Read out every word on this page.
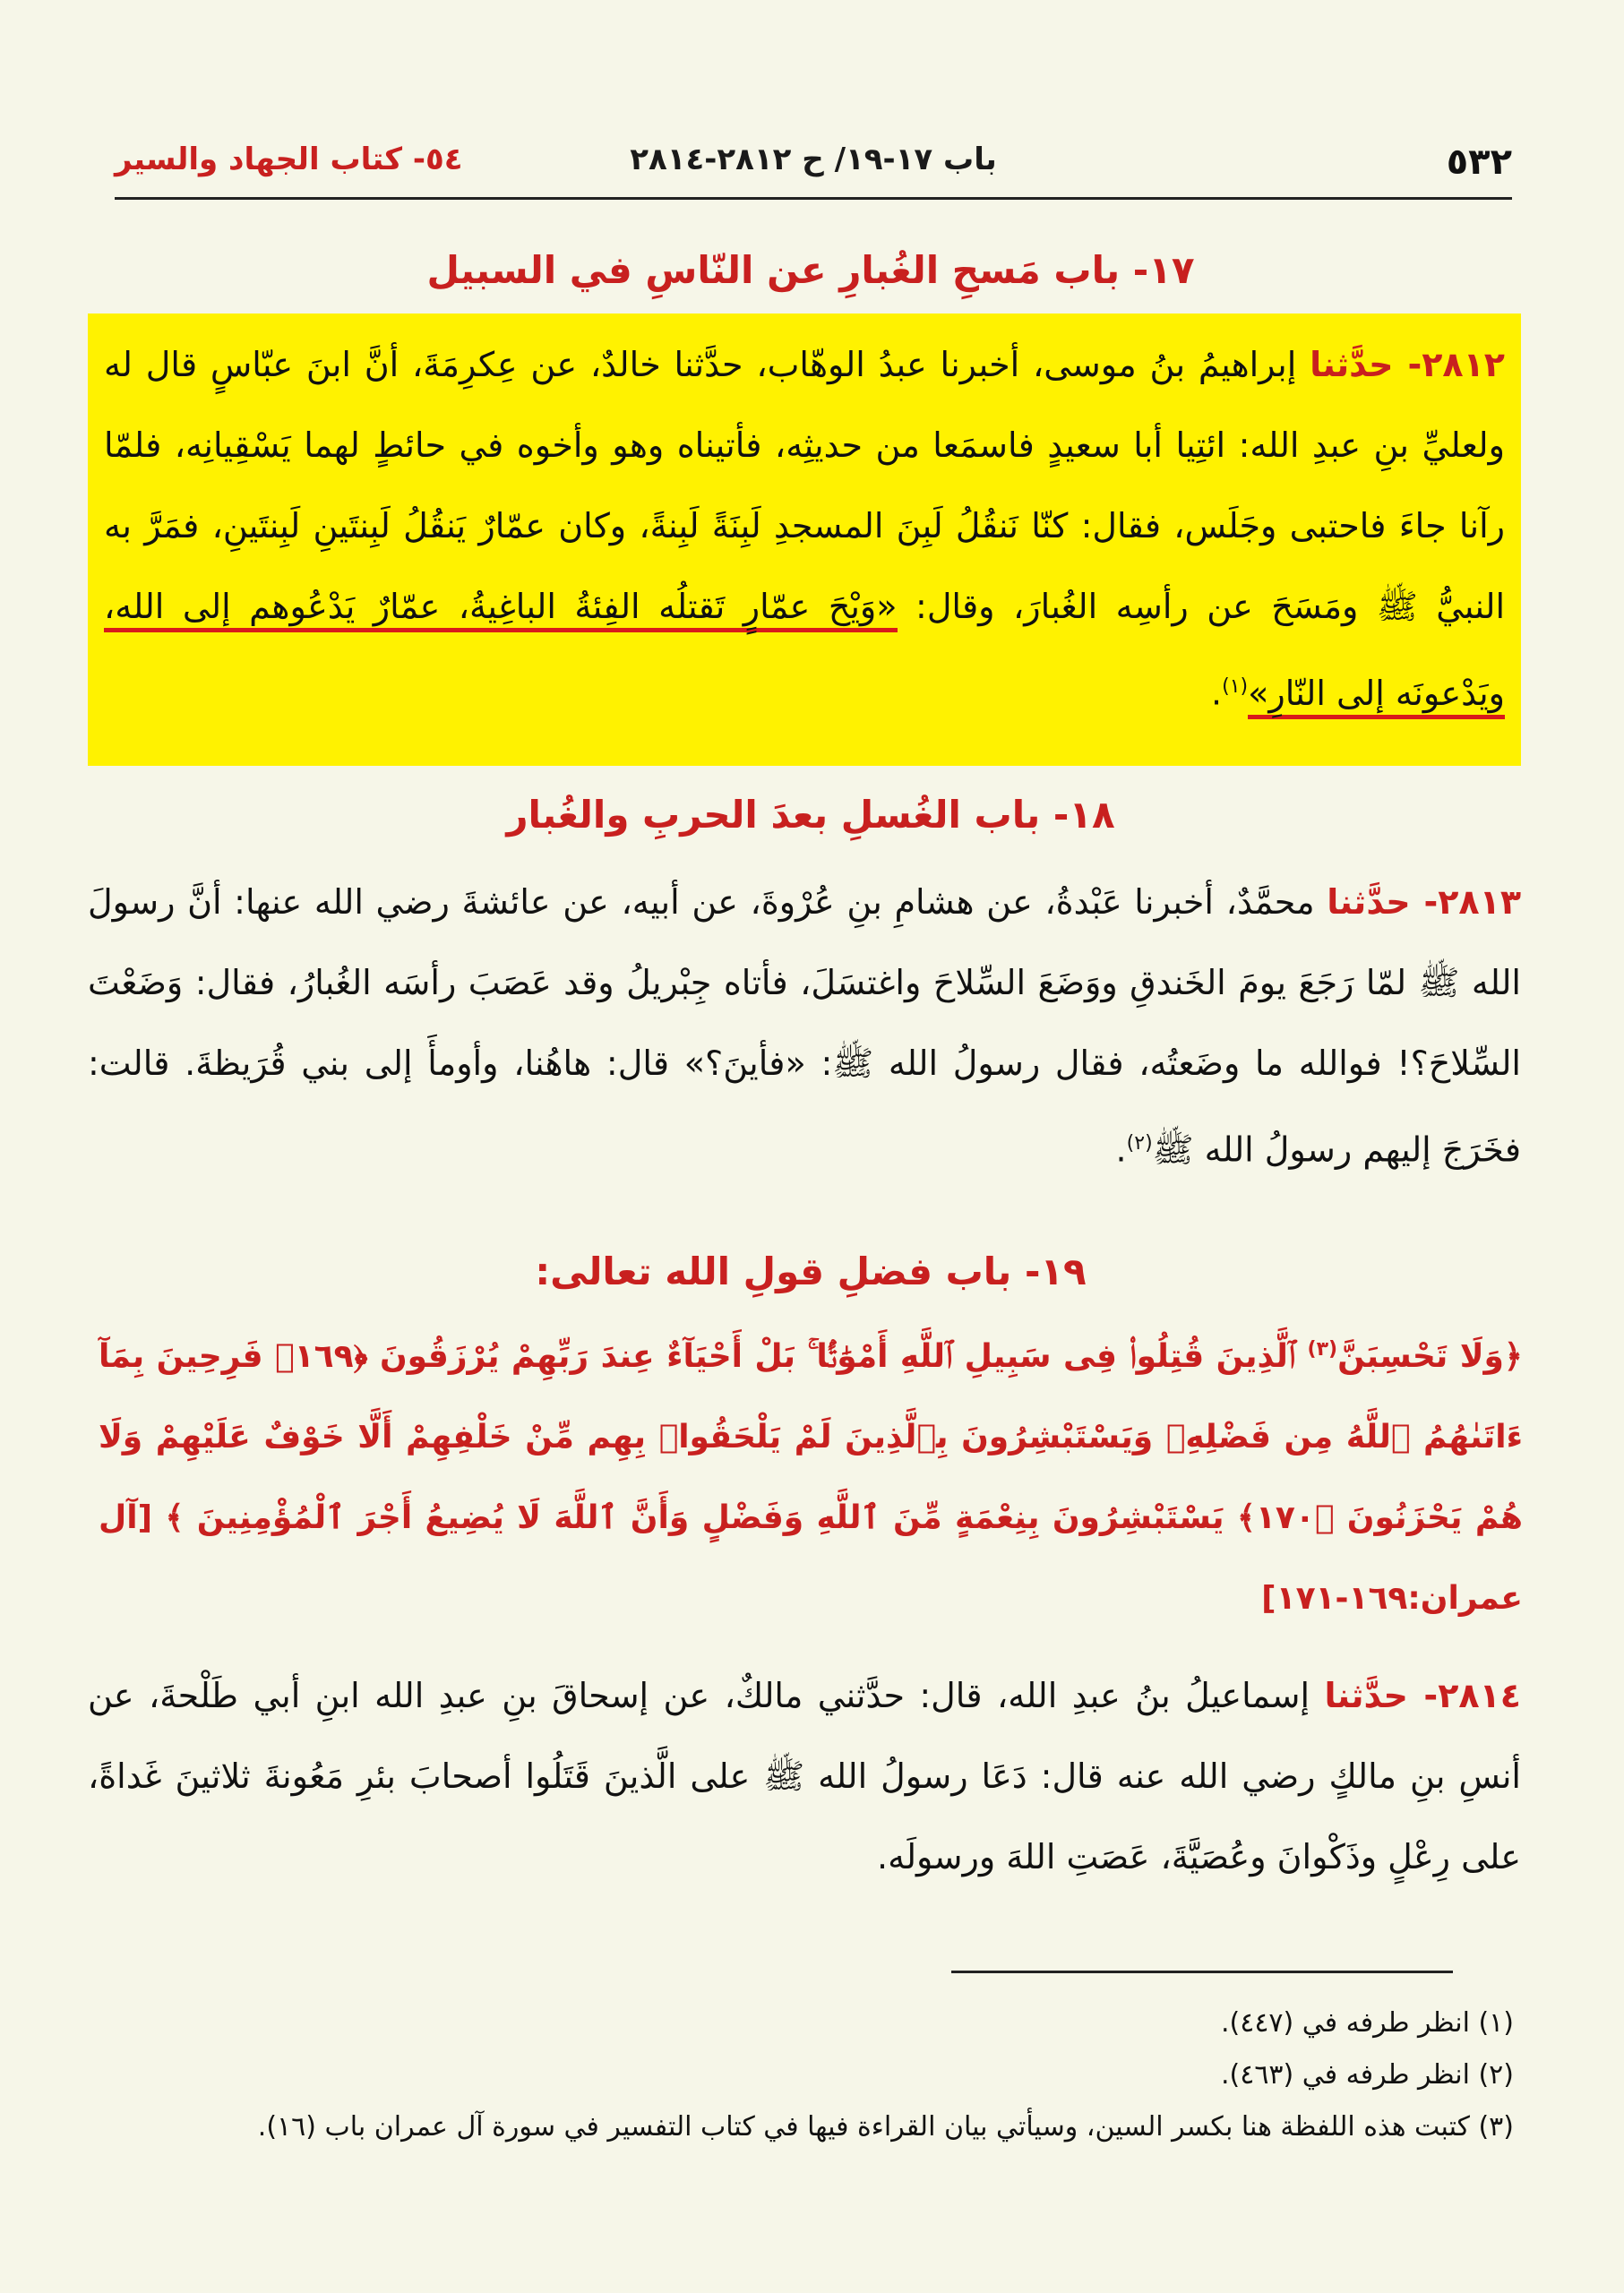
٥٣٢
باب ١٧-١٩/ ح ٢٨١٢-٢٨١٤
٥٤- كتاب الجهاد والسير
١٧- باب مَسحِ الغُبارِ عن النّاسِ في السبيل

٢٨١٢- حدَّثنا إبراهيمُ بنُ موسى، أخبرنا عبدُ الوهّاب، حدَّثنا خالدٌ، عن عِكرِمَةَ، أنَّ ابنَ عبّاسٍ قال له ولعليِّ بنِ عبدِ الله: ائتِيا أبا سعيدٍ فاسمَعا من حديثِه، فأتيناه وهو وأخوه في حائطٍ لهما يَسْقِيانِه، فلمّا رآنا جاءَ فاحتبى وجَلَس، فقال: كنّا نَنقُلُ لَبِنَ المسجدِ لَبِنَةً لَبِنةً، وكان عمّارٌ يَنقُلُ لَبِنتَينِ لَبِنتَينِ، فمَرَّ به النبيُّ ﷺ ومَسَحَ عن رأسِه الغُبارَ، وقال: «وَيْحَ عمّارٍ تَقتلُه الفِئةُ الباغِيةُ، عمّارٌ يَدْعُوهم إلى الله، ويَدْعونَه إلى النّارِ»$^{(١)}$.

١٨- باب الغُسلِ بعدَ الحربِ والغُبار

٢٨١٣- حدَّثنا محمَّدٌ، أخبرنا عَبْدةُ، عن هشامِ بنِ عُرْوةَ، عن أبيه، عن عائشةَ رضي الله عنها: أنَّ رسولَ الله ﷺ لمّا رَجَعَ يومَ الخَندقِ ووَضَعَ السِّلاحَ واغتسَلَ، فأتاه جِبْريلُ وقد عَصَبَ رأسَه الغُبارُ، فقال: وَضَعْتَ السِّلاحَ؟! فوالله ما وضَعتُه، فقال رسولُ الله ﷺ: «فأينَ؟» قال: هاهُنا، وأومأَ إلى بني قُرَيظةَ. قالت: فخَرَجَ إليهم رسولُ الله ﷺ$^{(٢)}$.

١٩- باب فضلِ قولِ الله تعالى:

﴿وَلَا تَحْسِبَنَّ$^{(٣)}$ ٱلَّذِينَ قُتِلُوا۟ فِى سَبِيلِ ٱللَّهِ أَمْوَٰتًۢا ۚ بَلْ أَحْيَآءٌ عِندَ رَبِّهِمْ يُرْزَقُونَ ﴿١٦٩﴾ فَرِحِينَ بِمَآ ءَاتَىٰهُمُ ٱللَّهُ مِن فَضْلِهِۦ وَيَسْتَبْشِرُونَ بِٱلَّذِينَ لَمْ يَلْحَقُوا۟ بِهِم مِّنْ خَلْفِهِمْ أَلَّا خَوْفٌ عَلَيْهِمْ وَلَا هُمْ يَحْزَنُونَ ﴿١٧٠﴾ يَسْتَبْشِرُونَ بِنِعْمَةٍ مِّنَ ٱللَّهِ وَفَضْلٍ وَأَنَّ ٱللَّهَ لَا يُضِيعُ أَجْرَ ٱلْمُؤْمِنِينَ ﴾ [آل عمران:١٦٩-١٧١]

٢٨١٤- حدَّثنا إسماعيلُ بنُ عبدِ الله، قال: حدَّثني مالكٌ، عن إسحاقَ بنِ عبدِ الله ابنِ أبي طَلْحةَ، عن أنسِ بنِ مالكٍ رضي الله عنه قال: دَعَا رسولُ الله ﷺ على الَّذينَ قَتَلُوا أصحابَ بئرِ مَعُونةَ ثلاثينَ غَداةً، على رِعْلٍ وذَكْوانَ وعُصَيَّةَ، عَصَتِ اللهَ ورسولَه.

(١) انظر طرفه في (٤٤٧).
(٢) انظر طرفه في (٤٦٣).
(٣) كتبت هذه اللفظة هنا بكسر السين، وسيأتي بيان القراءة فيها في كتاب التفسير في سورة آل عمران باب (١٦).
